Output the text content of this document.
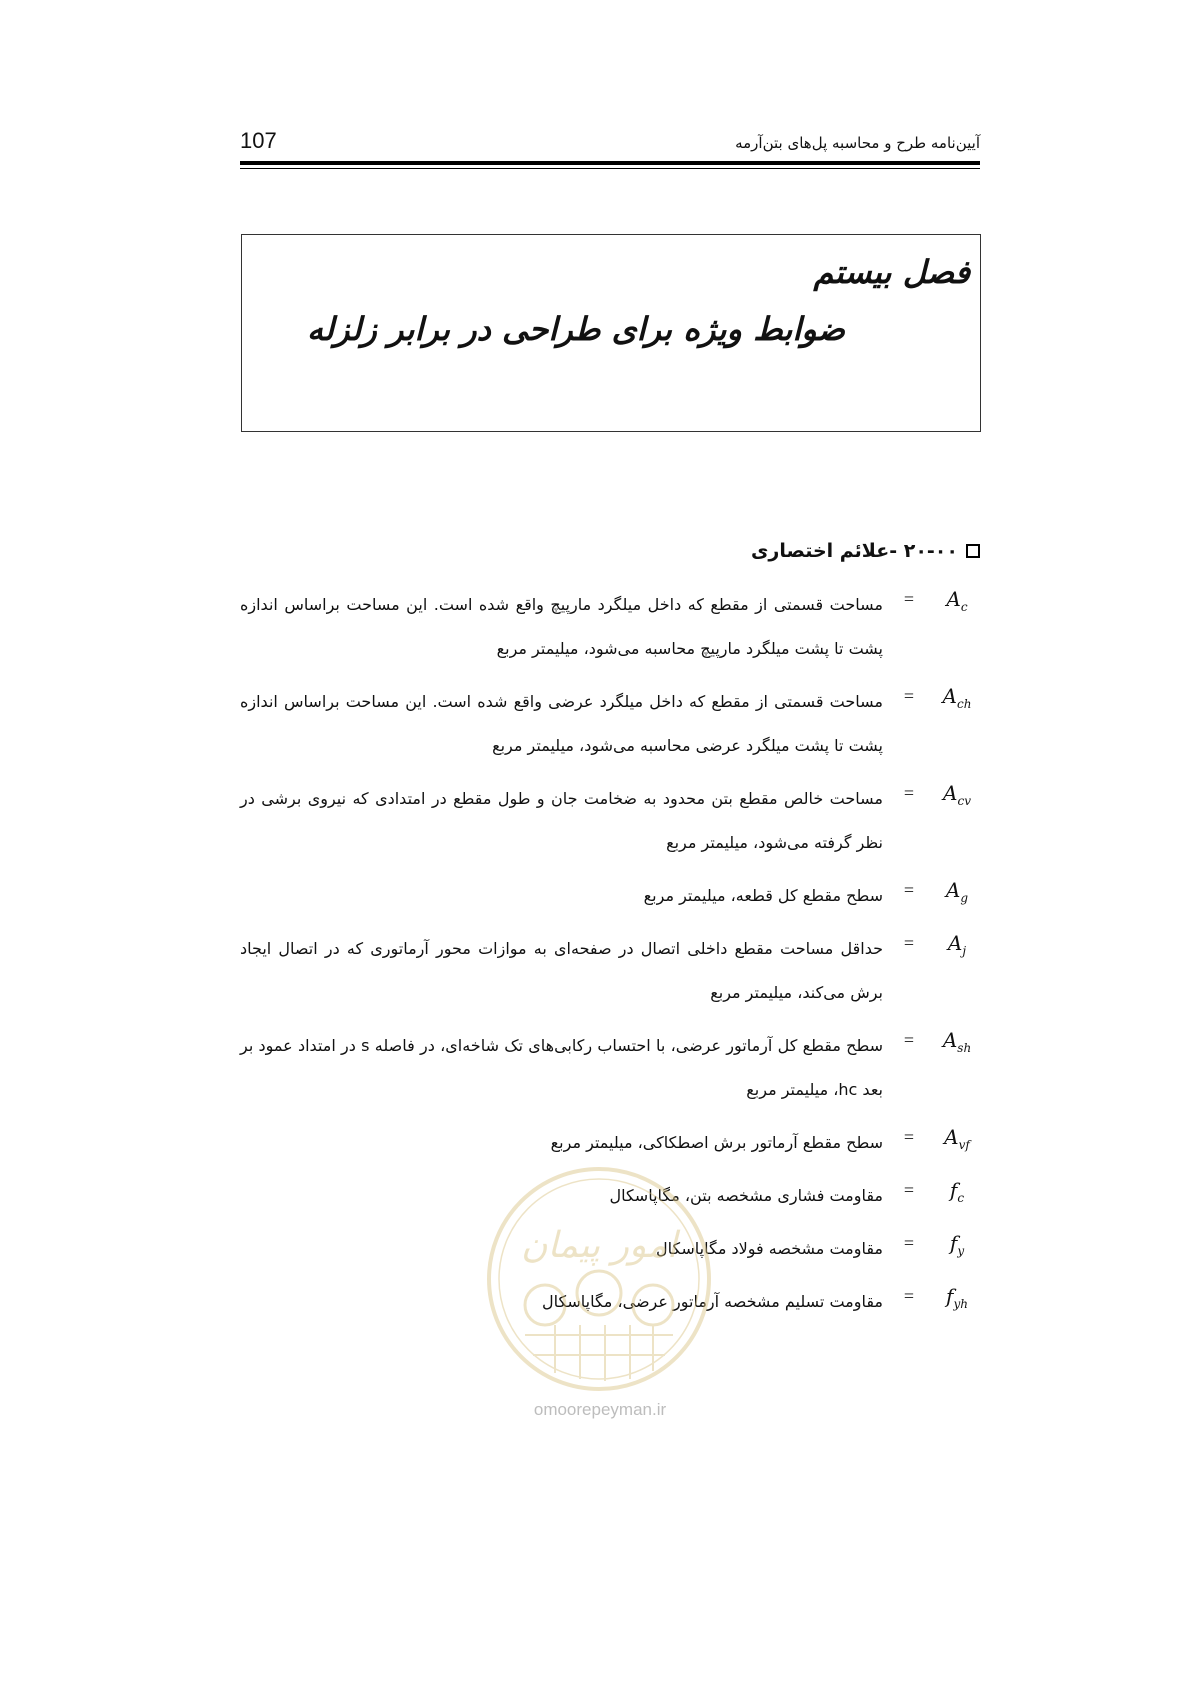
107	آیین‌نامه طرح و محاسبه پل‌های بتن‌آرمه
فصل بیستم
ضوابط ویژه برای طراحی در برابر زلزله
۲۰-۰۰ -علائم اختصاری
$A_c$
=
مساحت قسمتی از مقطع که داخل میلگرد مارپیچ واقع شده است. این مساحت براساس اندازه پشت تا پشت میلگرد مارپیچ محاسبه می‌شود، میلیمتر مربع
$A_{ch}$
=
مساحت قسمتی از مقطع که داخل میلگرد عرضی واقع شده است. این مساحت براساس اندازه پشت تا پشت میلگرد عرضی محاسبه می‌شود، میلیمتر مربع
$A_{cv}$
=
مساحت خالص مقطع بتن محدود به ضخامت جان و طول مقطع در امتدادی که نیروی برشی در نظر گرفته می‌شود، میلیمتر مربع
$A_g$
=
سطح مقطع کل قطعه، میلیمتر مربع
$A_j$
=
حداقل مساحت مقطع داخلی اتصال در صفحه‌ای به موازات محور آرماتوری که در اتصال ایجاد برش می‌کند، میلیمتر مربع
$A_{sh}$
=
سطح مقطع کل آرماتور عرضی، با احتساب رکابی‌های تک شاخه‌ای، در فاصله s در امتداد عمود بر بعد hc، میلیمتر مربع
$A_{vf}$
=
سطح مقطع آرماتور برش اصطکاکی، میلیمتر مربع
$f_c$
=
مقاومت فشاری مشخصه بتن، مگاپاسکال
$f_y$
=
مقاومت مشخصه فولاد مگاپاسکال
$f_{yh}$
=
مقاومت تسلیم مشخصه آرماتور عرضی، مگاپاسکال
امور پیمان
omoorepeyman.ir
